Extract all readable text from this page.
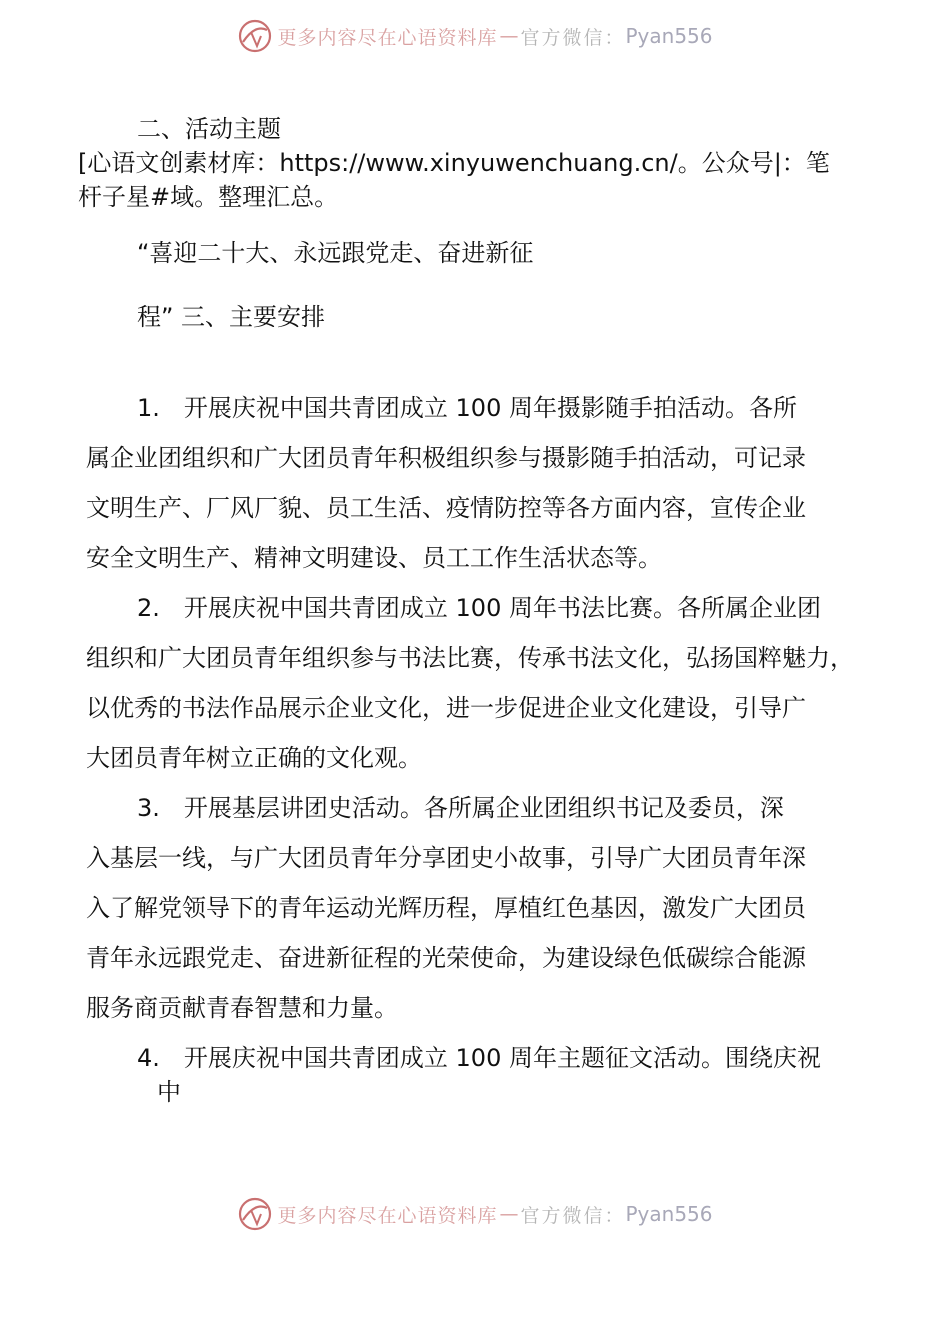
更多内容尽在心语资料库 — 官方微信： Pyan556
二、活动主题
[心语文创素材库：https://www.xinyuwenchuang.cn/。公众号|：笔
杆子星#域。整理汇总。
“喜迎二十大、永远跟党走、奋进新征
程” 三、主要安排
1.　开展庆祝中国共青团成立 100 周年摄影随手拍活动。各所
属企业团组织和广大团员青年积极组织参与摄影随手拍活动，可记录
文明生产、厂风厂貌、员工生活、疫情防控等各方面内容，宣传企业
安全文明生产、精神文明建设、员工工作生活状态等。
2.　开展庆祝中国共青团成立 100 周年书法比赛。各所属企业团
组织和广大团员青年组织参与书法比赛，传承书法文化，弘扬国粹魅力，
以优秀的书法作品展示企业文化，进一步促进企业文化建设，引导广
大团员青年树立正确的文化观。
3.　开展基层讲团史活动。各所属企业团组织书记及委员，深
入基层一线，与广大团员青年分享团史小故事，引导广大团员青年深
入了解党领导下的青年运动光辉历程，厚植红色基因，激发广大团员
青年永远跟党走、奋进新征程的光荣使命，为建设绿色低碳综合能源
服务商贡献青春智慧和力量。
4.　开展庆祝中国共青团成立 100 周年主题征文活动。围绕庆祝
中
更多内容尽在心语资料库 — 官方微信： Pyan556
